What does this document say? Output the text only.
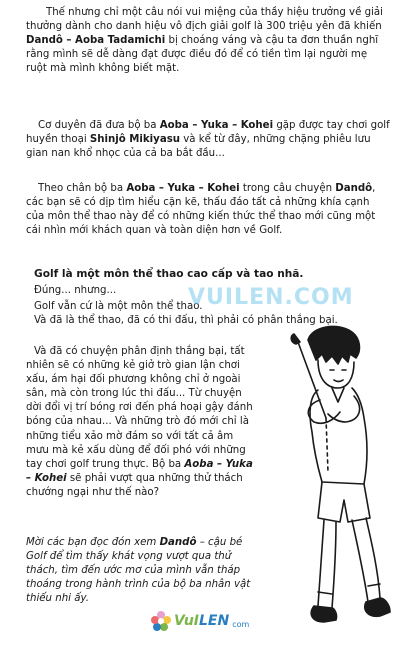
Thế nhưng chỉ một câu nói vui miệng của thầy hiệu trưởng về giải thưởng dành cho danh hiệu vô địch giải golf là 300 triệu yên đã khiến Dandô – Aoba Tadamichi bị choáng váng và cậu ta đơn thuần nghĩ rằng mình sẽ dễ dàng đạt được điều đó để có tiền tìm lại người mẹ ruột mà mình không biết mặt.

Cơ duyên đã đưa bộ ba Aoba – Yuka – Kohei gặp được tay chơi golf huyền thoại Shinjô Mikiyasu và kể từ đây, những chặng phiêu lưu gian nan khổ nhọc của cả ba bắt đầu...

Theo chân bộ ba Aoba – Yuka – Kohei trong câu chuyện Dandô, các bạn sẽ có dịp tìm hiểu cặn kẽ, thấu đáo tất cả những khía cạnh của môn thể thao này để có những kiến thức thể thao mới cũng một cái nhìn mới khách quan và toàn diện hơn về Golf.

Golf là một môn thể thao cao cấp và tao nhã.

Đúng... nhưng...

Golf vẫn cứ là một môn thể thao.

VUILEN.COM

Và đã là thể thao, đã có thi đấu, thì phải có phân thắng bại.

Và đã có chuyện phân định thắng bại, tất nhiên sẽ có những kẻ giở trò gian lận chơi xấu, ám hại đối phương không chỉ ở ngoài sân, mà còn trong lúc thi đấu... Từ chuyện dời đổi vị trí bóng rơi đến phá hoại gậy đánh bóng của nhau... Và những trò đó mới chỉ là những tiểu xảo mờ đám so với tất cả âm mưu mà kẻ xấu dùng để đối phó với những tay chơi golf trung thực. Bộ ba Aoba – Yuka – Kohei sẽ phải vượt qua những thử thách chướng ngại như thế nào?

Mời các bạn đọc đón xem Dandô – cậu bé Golf để tìm thấy khát vọng vượt qua thử thách, tìm đến ước mơ của mình vẫn tháp thoáng trong hành trình của bộ ba nhân vật thiếu nhi ấy.

VuILEN com
